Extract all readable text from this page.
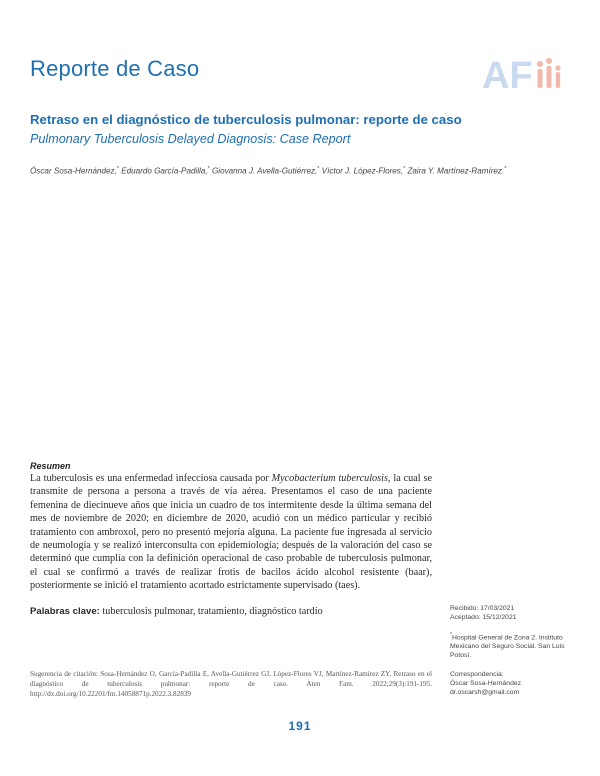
Reporte de Caso	AF
Retraso en el diagnóstico de tuberculosis pulmonar: reporte de caso
Pulmonary Tuberculosis Delayed Diagnosis: Case Report
Óscar Sosa-Hernández,* Eduardo García-Padilla,* Giovanna J. Avella-Gutiérrez,* Víctor J. López-Flores,* Zaira Y. Martínez-Ramírez.*
Resumen
La tuberculosis es una enfermedad infecciosa causada por Mycobacterium tuberculosis, la cual se transmite de persona a persona a través de vía aérea. Presentamos el caso de una paciente femenina de diecinueve años que inicia un cuadro de tos intermitente desde la última semana del mes de noviembre de 2020; en diciembre de 2020, acudió con un médico particular y recibió tratamiento con ambroxol, pero no presentó mejoría alguna. La paciente fue ingresada al servicio de neumología y se realizó interconsulta con epidemiología; después de la valoración del caso se determinó que cumplía con la definición operacional de caso probable de tuberculosis pulmonar, el cual se confirmó a través de realizar frotis de bacilos ácido alcohol resistente (baar), posteriormente se inició el tratamiento acortado estrictamente supervisado (taes).
Palabras clave: tuberculosis pulmonar, tratamiento, diagnóstico tardío
Sugerencia de citación: Sosa-Hernández O, García-Padilla E, Avella-Gutiérrez GJ, López-Flores VJ, Martínez-Ramírez ZY. Retraso en el diagnóstico de tuberculosis pulmonar: reporte de caso. Aten Fam. 2022;29(3):191-195. http://dx.doi.org/10.22201/fm.14058871p.2022.3.82839
Recibido: 17/03/2021
Aceptado: 15/12/2021
*Hospital General de Zona 2. Instituto Mexicano del Seguro Social. San Luis Potosí.
Correspondencia:
Óscar Sosa-Hernández
dr.oscarsh@gmail.com
191
